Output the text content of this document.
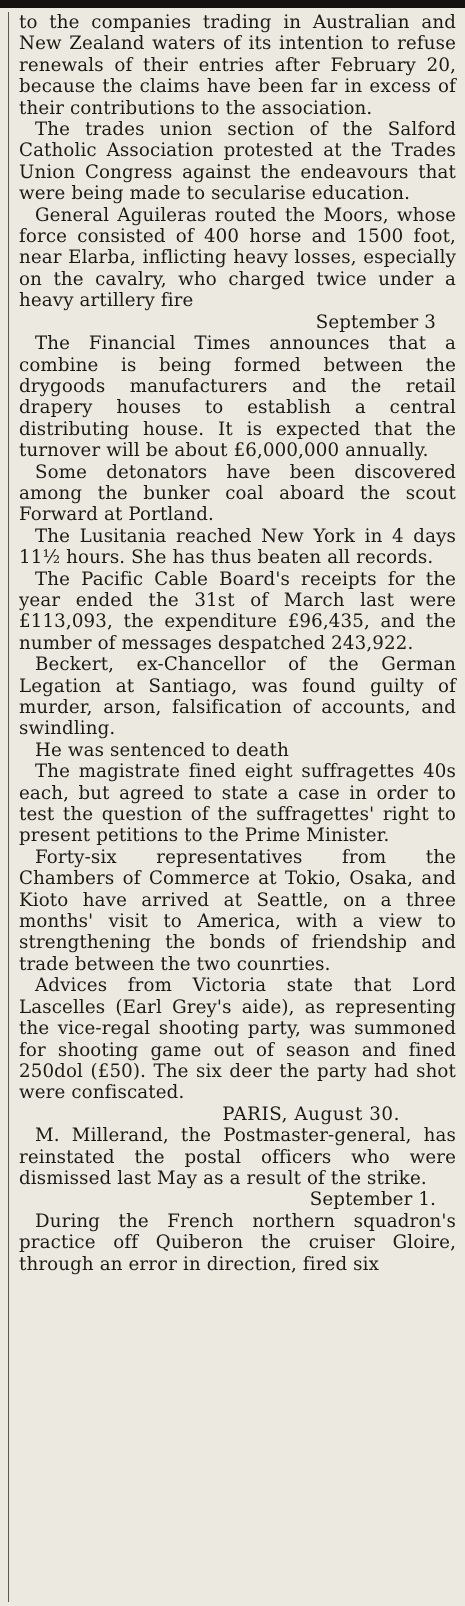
to the companies trading in Australian and New Zealand waters of its intention to refuse renewals of their entries after February 20, because the claims have been far in excess of their contributions to the association.

The trades union section of the Salford Catholic Association protested at the Trades Union Congress against the endeavours that were being made to secularise education.

General Aguileras routed the Moors, whose force consisted of 400 horse and 1500 foot, near Elarba, inflicting heavy losses, especially on the cavalry, who charged twice under a heavy artillery fire

September 3

The Financial Times announces that a combine is being formed between the drygoods manufacturers and the retail drapery houses to establish a central distributing house. It is expected that the turnover will be about £6,000,000 annually.

Some detonators have been discovered among the bunker coal aboard the scout Forward at Portland.

The Lusitania reached New York in 4 days 11½ hours. She has thus beaten all records.

The Pacific Cable Board's receipts for the year ended the 31st of March last were £113,093, the expenditure £96,435, and the number of messages despatched 243,922.

Beckert, ex-Chancellor of the German Legation at Santiago, was found guilty of murder, arson, falsification of accounts, and swindling.

He was sentenced to death

The magistrate fined eight suffragettes 40s each, but agreed to state a case in order to test the question of the suffragettes' right to present petitions to the Prime Minister.

Forty-six representatives from the Chambers of Commerce at Tokio, Osaka, and Kioto have arrived at Seattle, on a three months' visit to America, with a view to strengthening the bonds of friendship and trade between the two counrties.

Advices from Victoria state that Lord Lascelles (Earl Grey's aide), as representing the vice-regal shooting party, was summoned for shooting game out of season and fined 250dol (£50). The six deer the party had shot were confiscated.

PARIS, August 30.

M. Millerand, the Postmaster-general, has reinstated the postal officers who were dismissed last May as a result of the strike.

September 1.

During the French northern squadron's practice off Quiberon the cruiser Gloire, through an error in direction, fired six
